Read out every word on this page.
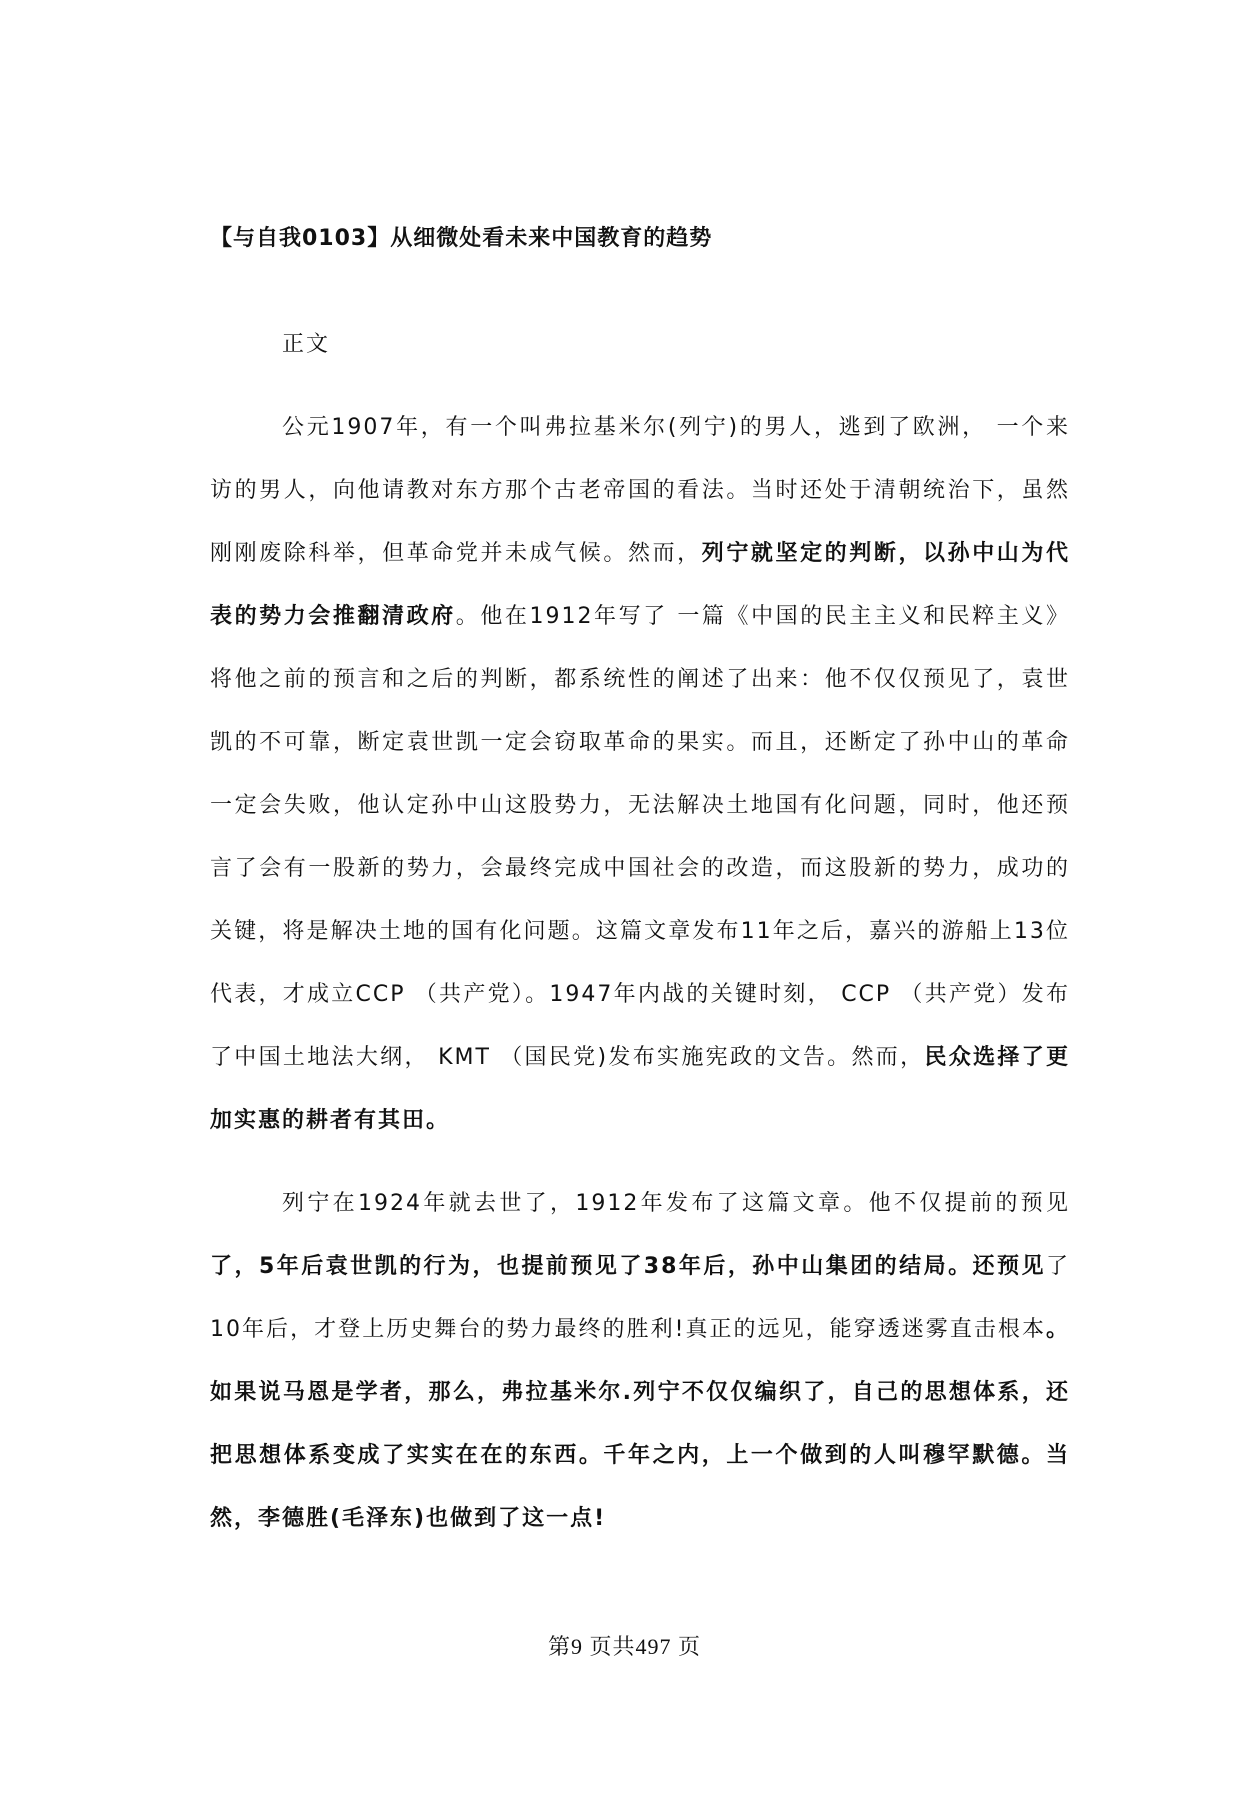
【与自我0103】从细微处看未来中国教育的趋势
正文

公元1907年，有一个叫弗拉基米尔(列宁)的男人，逃到了欧洲， 一个来访的男人，向他请教对东方那个古老帝国的看法。当时还处于清朝统治下，虽然刚刚废除科举，但革命党并未成气候。然而，列宁就坚定的判断，以孙中山为代表的势力会推翻清政府。他在1912年写了 一篇《中国的民主主义和民粹主义》将他之前的预言和之后的判断，都系统性的阐述了出来：他不仅仅预见了，袁世凯的不可靠，断定袁世凯一定会窃取革命的果实。而且，还断定了孙中山的革命一定会失败，他认定孙中山这股势力，无法解决土地国有化问题，同时，他还预言了会有一股新的势力，会最终完成中国社会的改造，而这股新的势力，成功的关键，将是解决土地的国有化问题。这篇文章发布11年之后，嘉兴的游船上13位代表，才成立CCP （共产党）。1947年内战的关键时刻， CCP （共产党）发布了中国土地法大纲， KMT （国民党)发布实施宪政的文告。然而，民众选择了更加实惠的耕者有其田。

列宁在1924年就去世了，1912年发布了这篇文章。他不仅提前的预见了，5年后袁世凯的行为，也提前预见了38年后，孙中山集团的结局。还预见了10年后，才登上历史舞台的势力最终的胜利!真正的远见，能穿透迷雾直击根本。如果说马恩是学者，那么，弗拉基米尔.列宁不仅仅编织了，自己的思想体系，还把思想体系变成了实实在在的东西。千年之内，上一个做到的人叫穆罕默德。当然，李德胜(毛泽东)也做到了这一点!

第9 页共497 页
